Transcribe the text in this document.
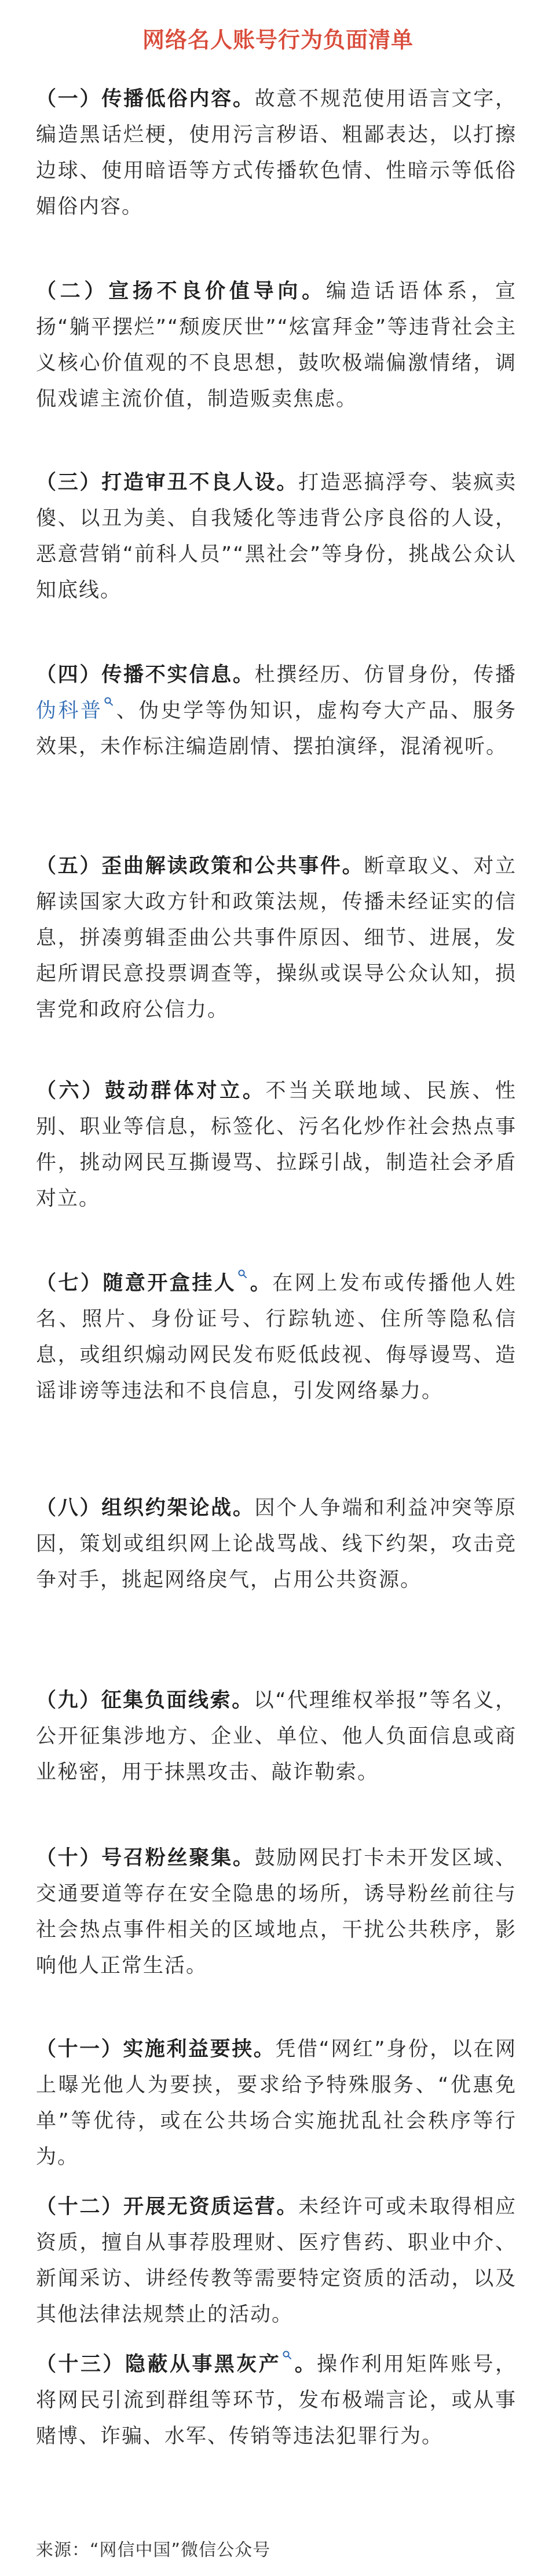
网络名人账号行为负面清单
（一）传播低俗内容。故意不规范使用语言文字，编造黑话烂梗，使用污言秽语、粗鄙表达，以打擦边球、使用暗语等方式传播软色情、性暗示等低俗媚俗内容。
（二）宣扬不良价值导向。编造话语体系，宣扬“躺平摆烂”“颓废厌世”“炫富拜金”等违背社会主义核心价值观的不良思想，鼓吹极端偏激情绪，调侃戏谑主流价值，制造贩卖焦虑。
（三）打造审丑不良人设。打造恶搞浮夸、装疯卖傻、以丑为美、自我矮化等违背公序良俗的人设，恶意营销“前科人员”“黑社会”等身份，挑战公众认知底线。
（四）传播不实信息。杜撰经历、仿冒身份，传播伪科普 、伪史学等伪知识，虚构夸大产品、服务效果，未作标注编造剧情、摆拍演绎，混淆视听。
（五）歪曲解读政策和公共事件。断章取义、对立解读国家大政方针和政策法规，传播未经证实的信息，拼凑剪辑歪曲公共事件原因、细节、进展，发起所谓民意投票调查等，操纵或误导公众认知，损害党和政府公信力。
（六）鼓动群体对立。不当关联地域、民族、性别、职业等信息，标签化、污名化炒作社会热点事件，挑动网民互撕谩骂、拉踩引战，制造社会矛盾对立。
（七）随意开盒挂人 。在网上发布或传播他人姓名、照片、身份证号、行踪轨迹、住所等隐私信息，或组织煽动网民发布贬低歧视、侮辱谩骂、造谣诽谤等违法和不良信息，引发网络暴力。
（八）组织约架论战。因个人争端和利益冲突等原因，策划或组织网上论战骂战、线下约架，攻击竞争对手，挑起网络戾气，占用公共资源。
（九）征集负面线索。以“代理维权举报”等名义，公开征集涉地方、企业、单位、他人负面信息或商业秘密，用于抹黑攻击、敲诈勒索。
（十）号召粉丝聚集。鼓励网民打卡未开发区域、交通要道等存在安全隐患的场所，诱导粉丝前往与社会热点事件相关的区域地点，干扰公共秩序，影响他人正常生活。
（十一）实施利益要挟。凭借“网红”身份，以在网上曝光他人为要挟，要求给予特殊服务、“优惠免单”等优待，或在公共场合实施扰乱社会秩序等行为。
（十二）开展无资质运营。未经许可或未取得相应资质，擅自从事荐股理财、医疗售药、职业中介、新闻采访、讲经传教等需要特定资质的活动，以及其他法律法规禁止的活动。
（十三）隐蔽从事黑灰产 。操作利用矩阵账号，将网民引流到群组等环节，发布极端言论，或从事赌博、诈骗、水军、传销等违法犯罪行为。
来源：“网信中国”微信公众号
